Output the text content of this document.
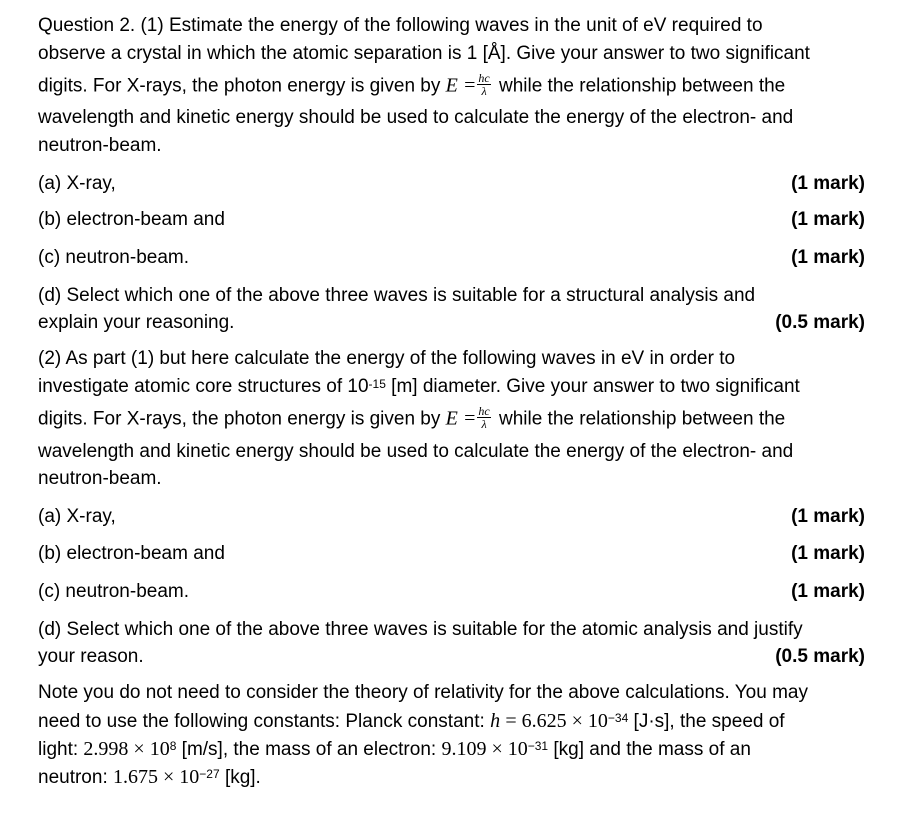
Question 2. (1) Estimate the energy of the following waves in the unit of eV required to
observe a crystal in which the atomic separation is 1 [Å]. Give your answer to two significant
digits. For X-rays, the photon energy is given by $E = \frac{hc}{\lambda}$ while the relationship between the
wavelength and kinetic energy should be used to calculate the energy of the electron- and
neutron-beam.
(a) X-ray,	(1 mark)
(b) electron-beam and	(1 mark)
(c) neutron-beam.	(1 mark)
(d) Select which one of the above three waves is suitable for a structural analysis and
explain your reasoning.	(0.5 mark)
(2) As part (1) but here calculate the energy of the following waves in eV in order to
investigate atomic core structures of $10^{-15}$ [m] diameter. Give your answer to two significant
digits. For X-rays, the photon energy is given by $E = \frac{hc}{\lambda}$ while the relationship between the
wavelength and kinetic energy should be used to calculate the energy of the electron- and
neutron-beam.
(a) X-ray,	(1 mark)
(b) electron-beam and	(1 mark)
(c) neutron-beam.	(1 mark)
(d) Select which one of the above three waves is suitable for the atomic analysis and justify
your reason.	(0.5 mark)
Note you do not need to consider the theory of relativity for the above calculations. You may
need to use the following constants: Planck constant: $h = 6.625 \times 10^{-34}$ [J·s], the speed of
light: $2.998 \times 10^8$ [m/s], the mass of an electron: $9.109 \times 10^{-31}$ [kg] and the mass of an
neutron: $1.675 \times 10^{-27}$ [kg].
